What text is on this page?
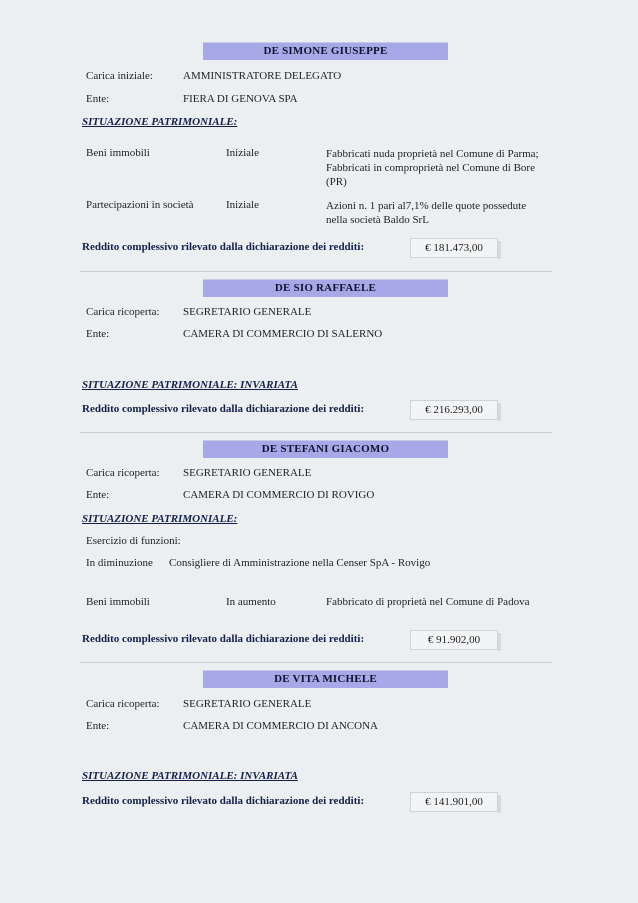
DE SIMONE GIUSEPPE
Carica iniziale:	AMMINISTRATORE DELEGATO
Ente:	FIERA DI GENOVA SPA
SITUAZIONE PATRIMONIALE:
Beni immobili	Iniziale	Fabbricati nuda proprietà nel Comune di Parma;
Fabbricati in comproprietà nel Comune di Bore
(PR)
Partecipazioni in società	Iniziale	Azioni n. 1 pari al7,1% delle quote possedute
nella società Baldo SrL
Reddito complessivo rilevato dalla dichiarazione dei redditi:	€ 181.473,00
DE SIO RAFFAELE
Carica ricoperta: SEGRETARIO GENERALE
Ente:	CAMERA DI COMMERCIO DI SALERNO
SITUAZIONE PATRIMONIALE: INVARIATA
Reddito complessivo rilevato dalla dichiarazione dei redditi:	€ 216.293,00
DE STEFANI GIACOMO
Carica ricoperta: SEGRETARIO GENERALE
Ente:	CAMERA DI COMMERCIO DI ROVIGO
SITUAZIONE PATRIMONIALE:
Esercizio di funzioni:
In diminuzione Consigliere di Amministrazione nella Censer SpA - Rovigo
Beni immobili	In aumento	Fabbricato di proprietà nel Comune di Padova
Reddito complessivo rilevato dalla dichiarazione dei redditi:	€ 91.902,00
DE VITA MICHELE
Carica ricoperta: SEGRETARIO GENERALE
Ente:	CAMERA DI COMMERCIO DI ANCONA
SITUAZIONE PATRIMONIALE: INVARIATA
Reddito complessivo rilevato dalla dichiarazione dei redditi:	€ 141.901,00
